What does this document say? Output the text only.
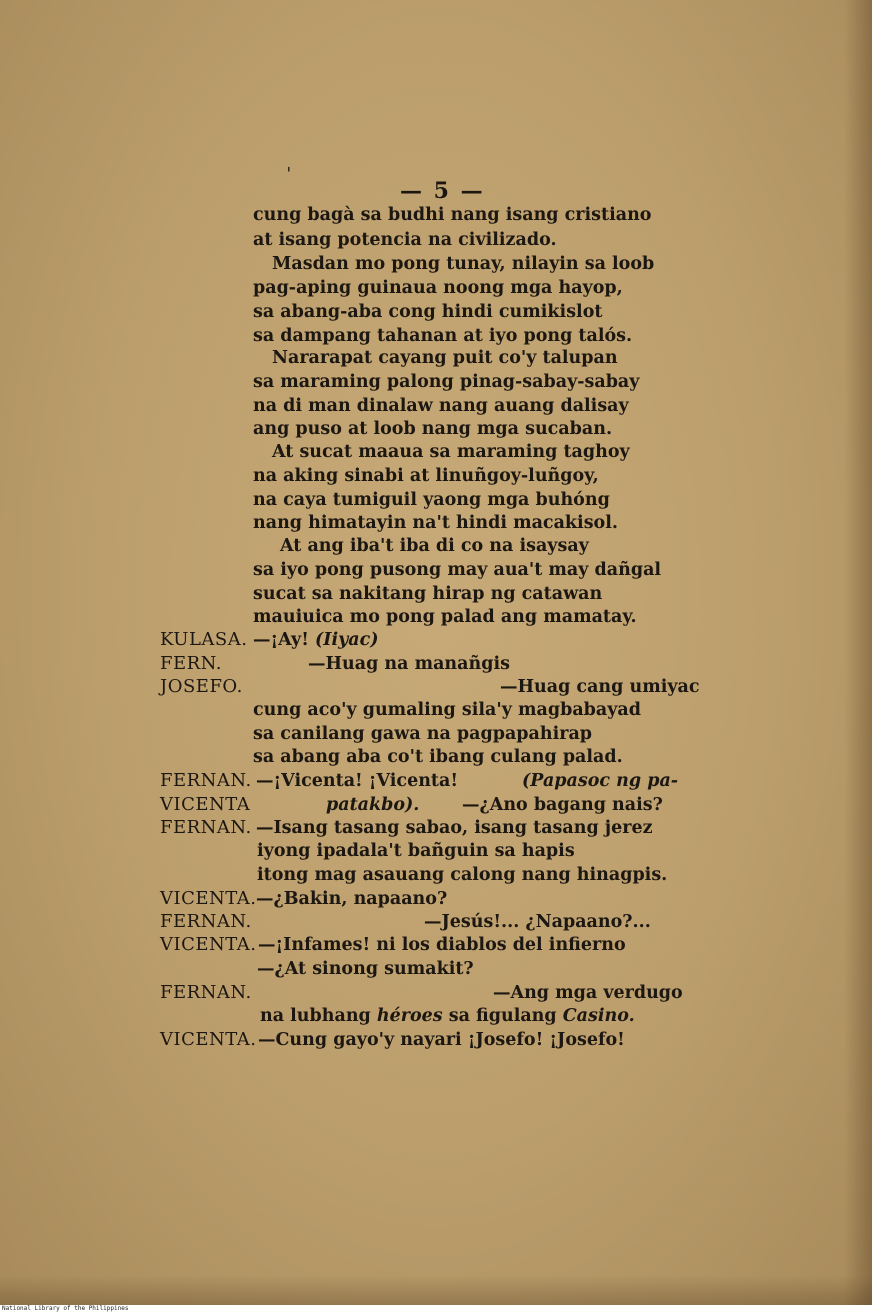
ˌ
— 5 —
cung bagà sa budhi nang isang cristiano
at isang potencia na civilizado.
Masdan mo pong tunay, nilayin sa loob
pag-aping guinaua noong mga hayop,
sa abang-aba cong hindi cumikislot
sa dampang tahanan at iyo pong talós.
Nararapat cayang puit co'y talupan
sa maraming palong pinag-sabay-sabay
na di man dinalaw nang auang dalisay
ang puso at loob nang mga sucaban.
At sucat maaua sa maraming taghoy
na aking sinabi at linuñgoy-luñgoy,
na caya tumiguil yaong mga buhóng
nang himatayin na't hindi macakisol.
At ang iba't iba di co na isaysay
sa iyo pong pusong may aua't may dañgal
sucat sa nakitang hirap ng catawan
mauiuica mo pong palad ang mamatay.
KULASA. —¡Ay! (Iiyac)
FERN.	—Huag na manañgis
JOSEFO.	—Huag cang umiyac
cung aco'y gumaling sila'y magbabayad
sa canilang gawa na pagpapahirap
sa abang aba co't ibang culang palad.
FERNAN. —¡Vicenta! ¡Vicenta!	(Papasoc ng pa-
VICENTA	patakbo). —¿Ano bagang nais?
FERNAN. —Isang tasang sabao, isang tasang jerez
iyong ipadala't bañguin sa hapis
itong mag asauang calong nang hinagpis.
VICENTA. —¿Bakin, napaano?
FERNAN.	—Jesús!... ¿Napaano?...
VICENTA. —¡Infames! ni los diablos del infierno
—¿At sinong sumakit?
FERNAN.	—Ang mga verdugo
na lubhang héroes sa figulang Casino.
VICENTA. —Cung gayo'y nayari ¡Josefo! ¡Josefo!
National Library of the Philippines
